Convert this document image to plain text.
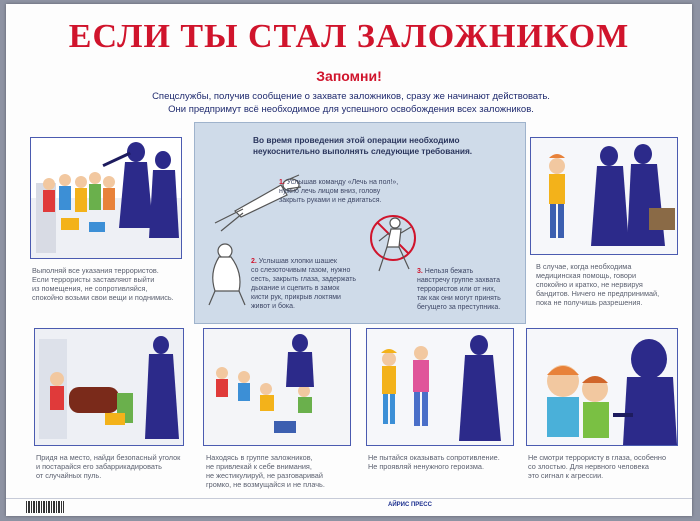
ЕСЛИ ТЫ СТАЛ ЗАЛОЖНИКОМ
Запомни!
Спецслужбы, получив сообщение о захвате заложников, сразу же начинают действовать.
Они предпримут всё необходимое для успешного освобождения всех заложников.
Выполняй все указания террористов.
Если террористы заставляют выйти
из помещения, не сопротивляйся,
спокойно возьми свои вещи и поднимись.
Во время проведения этой операции необходимо
неукоснительно выполнять следующие требования.
1. Услышав команду «Лечь на пол!»,
нужно лечь лицом вниз, голову
закрыть руками и не двигаться.
2. Услышав хлопки шашек
со слезоточивым газом, нужно
сесть, закрыть глаза, задержать
дыхание и сцепить в замок
кисти рук, прикрыв локтями
живот и бока.
3. Нельзя бежать
навстречу группе захвата
террористов или от них,
так как они могут принять
бегущего за преступника.
В случае, когда необходима
медицинская помощь, говори
спокойно и кратко, не нервируя
бандитов. Ничего не предпринимай,
пока не получишь разрешения.
Придя на место, найди безопасный уголок
и постарайся его забаррикадировать
от случайных пуль.
Находясь в группе заложников,
не привлекай к себе внимания,
не жестикулируй, не разговаривай
громко, не возмущайся и не плачь.
Не пытайся оказывать сопротивление.
Не проявляй ненужного героизма.
Не смотри террористу в глаза, особенно
со злостью. Для нервного человека
это сигнал к агрессии.
АЙРИС ПРЕСС
